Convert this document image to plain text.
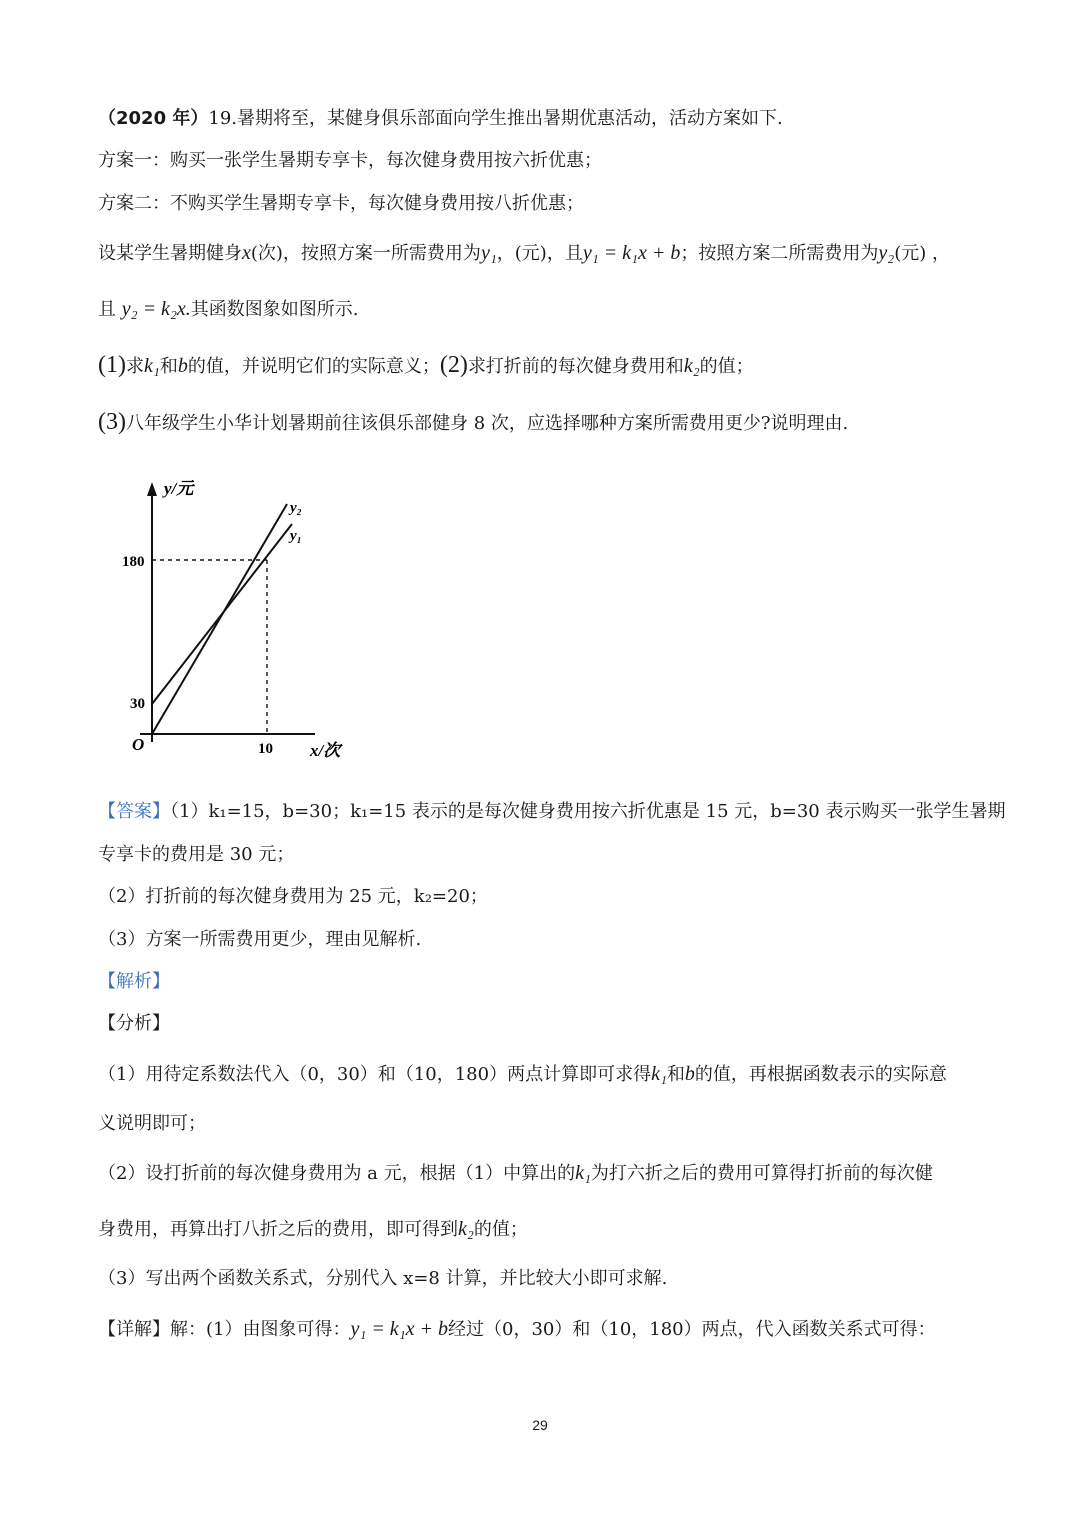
（2020 年）19.暑期将至，某健身俱乐部面向学生推出暑期优惠活动，活动方案如下.
方案一：购买一张学生暑期专享卡，每次健身费用按六折优惠；
方案二：不购买学生暑期专享卡，每次健身费用按八折优惠；
设某学生暑期健身x(次)，按照方案一所需费用为y₁，(元)，且y₁ = k₁x + b；按照方案二所需费用为y₂(元) ，
且 y₂ = k₂x.其函数图象如图所示.
(1)求k₁和b的值，并说明它们的实际意义；(2)求打折前的每次健身费用和k₂的值；
(3)八年级学生小华计划暑期前往该俱乐部健身 8 次，应选择哪种方案所需费用更少?说明理由.
y/元
y₂
y₁
180
30
O	10 x/次
【答案】（1）k₁=15，b=30；k₁=15 表示的是每次健身费用按六折优惠是 15 元，b=30 表示购买一张学生暑期
专享卡的费用是 30 元；
（2）打折前的每次健身费用为 25 元，k₂=20；
（3）方案一所需费用更少，理由见解析.
【解析】
【分析】
（1）用待定系数法代入（0，30）和（10，180）两点计算即可求得k₁和b的值，再根据函数表示的实际意
义说明即可；
（2）设打折前的每次健身费用为 a 元，根据（1）中算出的k₁为打六折之后的费用可算得打折前的每次健
身费用，再算出打八折之后的费用，即可得到k₂的值；
（3）写出两个函数关系式，分别代入 x=8 计算，并比较大小即可求解.
【详解】解：(1）由图象可得：y₁ = k₁x + b经过（0，30）和（10，180）两点，代入函数关系式可得：
29
